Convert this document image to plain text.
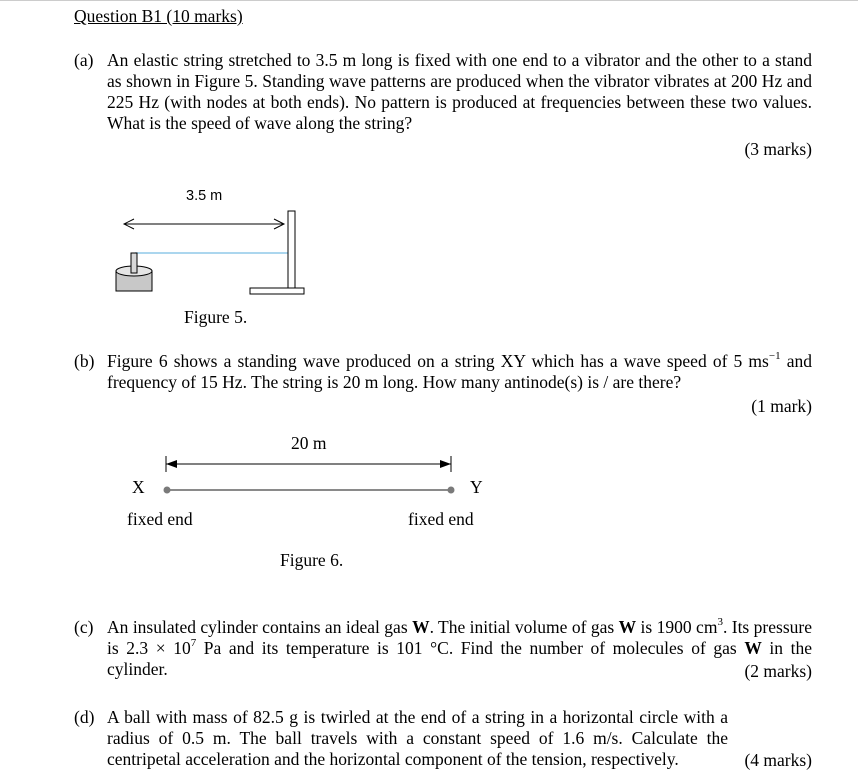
Question B1 (10 marks)
(a) An elastic string stretched to 3.5 m long is fixed with one end to a vibrator and the other to a stand as shown in Figure 5. Standing wave patterns are produced when the vibrator vibrates at 200 Hz and 225 Hz (with nodes at both ends). No pattern is produced at frequencies between these two values. What is the speed of wave along the string?
(3 marks)
3.5 m
Figure 5.
(b) Figure 6 shows a standing wave produced on a string XY which has a wave speed of 5 $ms^{-1}$ and frequency of 15 Hz. The string is 20 m long. How many antinode(s) is / are there?
(1 mark)
20 m
X	Y
fixed end	fixed end
Figure 6.
(c) An insulated cylinder contains an ideal gas W. The initial volume of gas W is 1900 $cm^3$. Its pressure is $2.3 \times 10^7$ Pa and its temperature is 101 °C. Find the number of molecules of gas W in the cylinder.	(2 marks)
(d) A ball with mass of 82.5 g is twirled at the end of a string in a horizontal circle with a radius of 0.5 m. The ball travels with a constant speed of 1.6 m/s. Calculate the centripetal acceleration and the horizontal component of the tension, respectively.	(4 marks)
